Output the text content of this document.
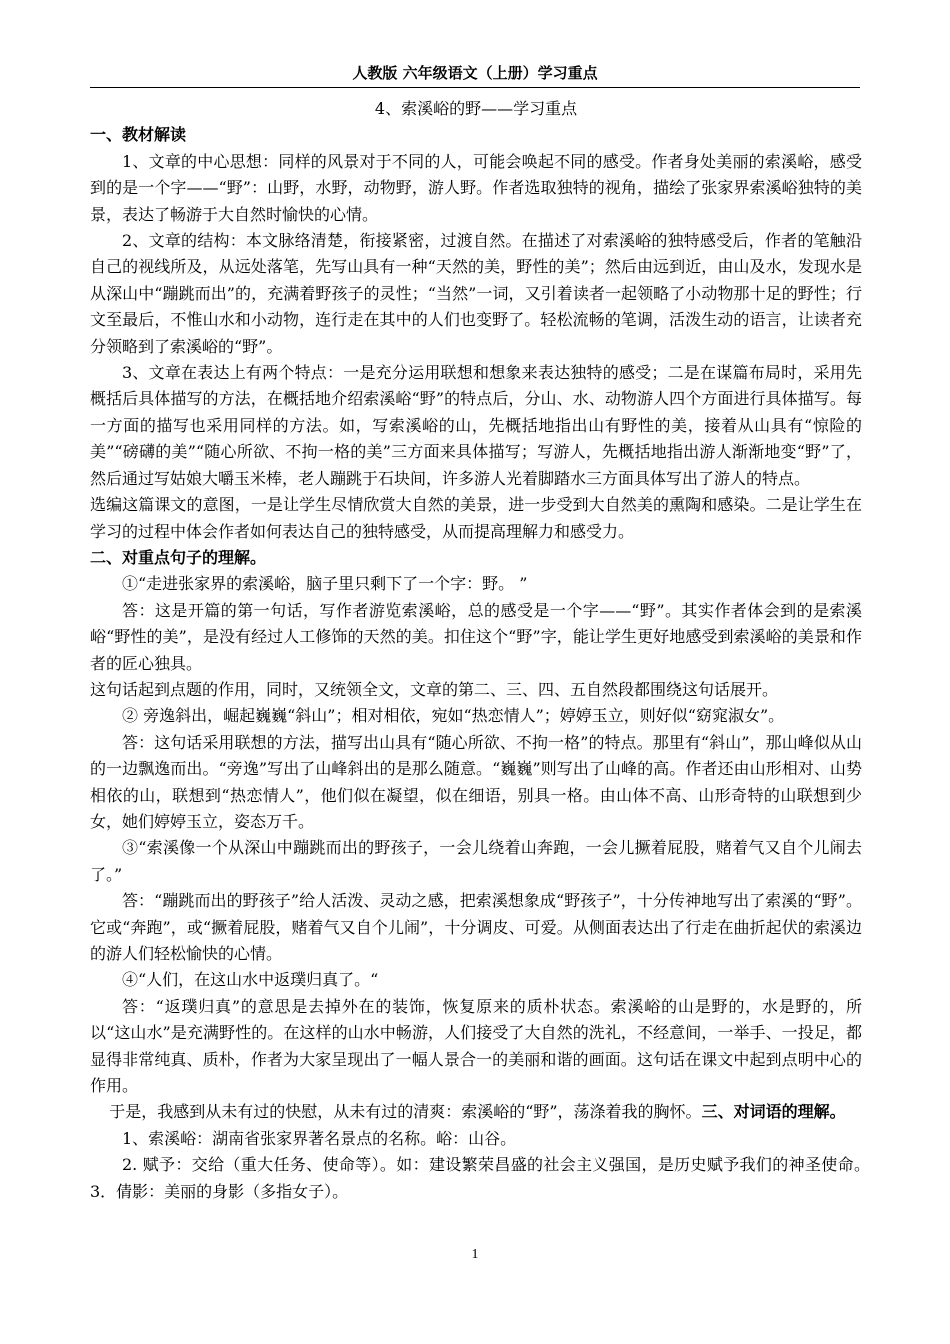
人教版 六年级语文（上册）学习重点

4、索溪峪的野——学习重点

一、教材解读

1、文章的中心思想：同样的风景对于不同的人，可能会唤起不同的感受。作者身处美丽的索溪峪，感受到的是一个字——“野”：山野，水野，动物野，游人野。作者选取独特的视角，描绘了张家界索溪峪独特的美景，表达了畅游于大自然时愉快的心情。

2、文章的结构：本文脉络清楚，衔接紧密，过渡自然。在描述了对索溪峪的独特感受后，作者的笔触沿自己的视线所及，从远处落笔，先写山具有一种“天然的美，野性的美”；然后由远到近，由山及水，发现水是从深山中“蹦跳而出”的，充满着野孩子的灵性；“当然”一词，又引着读者一起领略了小动物那十足的野性；行文至最后，不惟山水和小动物，连行走在其中的人们也变野了。轻松流畅的笔调，活泼生动的语言，让读者充分领略到了索溪峪的“野”。

3、文章在表达上有两个特点：一是充分运用联想和想象来表达独特的感受；二是在谋篇布局时，采用先概括后具体描写的方法，在概括地介绍索溪峪“野”的特点后，分山、水、动物游人四个方面进行具体描写。每一方面的描写也采用同样的方法。如，写索溪峪的山，先概括地指出山有野性的美，接着从山具有“惊险的美”“磅礴的美”“随心所欲、不拘一格的美”三方面来具体描写；写游人，先概括地指出游人渐渐地变“野”了，然后通过写姑娘大嚼玉米棒，老人蹦跳于石块间，许多游人光着脚踏水三方面具体写出了游人的特点。

选编这篇课文的意图，一是让学生尽情欣赏大自然的美景，进一步受到大自然美的熏陶和感染。二是让学生在学习的过程中体会作者如何表达自己的独特感受，从而提高理解力和感受力。

二、对重点句子的理解。

①“走进张家界的索溪峪，脑子里只剩下了一个字：野。 ”

答：这是开篇的第一句话，写作者游览索溪峪，总的感受是一个字——“野”。其实作者体会到的是索溪峪“野性的美”，是没有经过人工修饰的天然的美。扣住这个“野”字，能让学生更好地感受到索溪峪的美景和作者的匠心独具。

这句话起到点题的作用，同时，又统领全文，文章的第二、三、四、五自然段都围绕这句话展开。

② 旁逸斜出，崛起巍巍“斜山”；相对相依，宛如“热恋情人”；婷婷玉立，则好似“窈窕淑女”。

答：这句话采用联想的方法，描写出山具有“随心所欲、不拘一格”的特点。那里有“斜山”，那山峰似从山的一边飘逸而出。“旁逸”写出了山峰斜出的是那么随意。“巍巍”则写出了山峰的高。作者还由山形相对、山势相依的山，联想到“热恋情人”，他们似在凝望，似在细语，别具一格。由山体不高、山形奇特的山联想到少女，她们婷婷玉立，姿态万千。

③“索溪像一个从深山中蹦跳而出的野孩子，一会儿绕着山奔跑，一会儿撅着屁股，赌着气又自个儿闹去了。”

答：“蹦跳而出的野孩子”给人活泼、灵动之感，把索溪想象成“野孩子”，十分传神地写出了索溪的“野”。它或“奔跑”，或“撅着屁股，赌着气又自个儿闹”，十分调皮、可爱。从侧面表达出了行走在曲折起伏的索溪边的游人们轻松愉快的心情。

④“人们，在这山水中返璞归真了。“

答：“返璞归真”的意思是去掉外在的装饰，恢复原来的质朴状态。索溪峪的山是野的，水是野的，所以“这山水”是充满野性的。在这样的山水中畅游，人们接受了大自然的洗礼，不经意间，一举手、一投足，都显得非常纯真、质朴，作者为大家呈现出了一幅人景合一的美丽和谐的画面。这句话在课文中起到点明中心的作用。

于是，我感到从未有过的快慰，从未有过的清爽：索溪峪的“野”，荡涤着我的胸怀。三、对词语的理解。

1、索溪峪：湖南省张家界著名景点的名称。峪：山谷。

2. 赋予：交给（重大任务、使命等）。如：建设繁荣昌盛的社会主义强国，是历史赋予我们的神圣使命。　　3．倩影：美丽的身影（多指女子）。

1
